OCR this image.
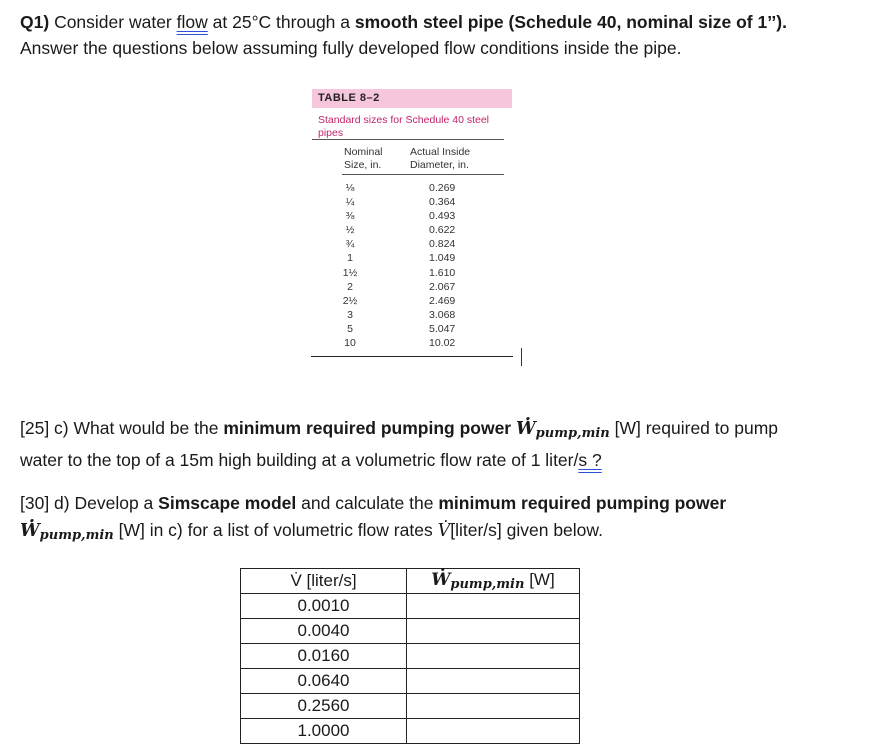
Q1) Consider water flow at 25°C through a smooth steel pipe (Schedule 40, nominal size of 1’’).
Answer the questions below assuming fully developed flow conditions inside the pipe.
TABLE 8–2
Standard sizes for Schedule 40 steel pipes
Nominal
Size, in.
Actual Inside
Diameter, in.
⅛	0.269
¼	0.364
⅜	0.493
½	0.622
¾	0.824
1	1.049
1½	1.610
2	2.067
2½	2.469
3	3.068
5	5.047
10	10.02
[25] c) What would be the minimum required pumping power W $._{pump,min}$ [W] required to pump
water to the top of a 15m high building at a volumetric flow rate of 1 liter/s ?
[30] d) Develop a Simscape model and calculate the minimum required pumping power
W $._{pump,min}$ [W] in c) for a list of volumetric flow rates V̇[liter/s] given below.
V̇ [liter/s]	W $._{pump,min}$ [W]
0.0010	
0.0040	
0.0160	
0.0640	
0.2560	
1.0000	
